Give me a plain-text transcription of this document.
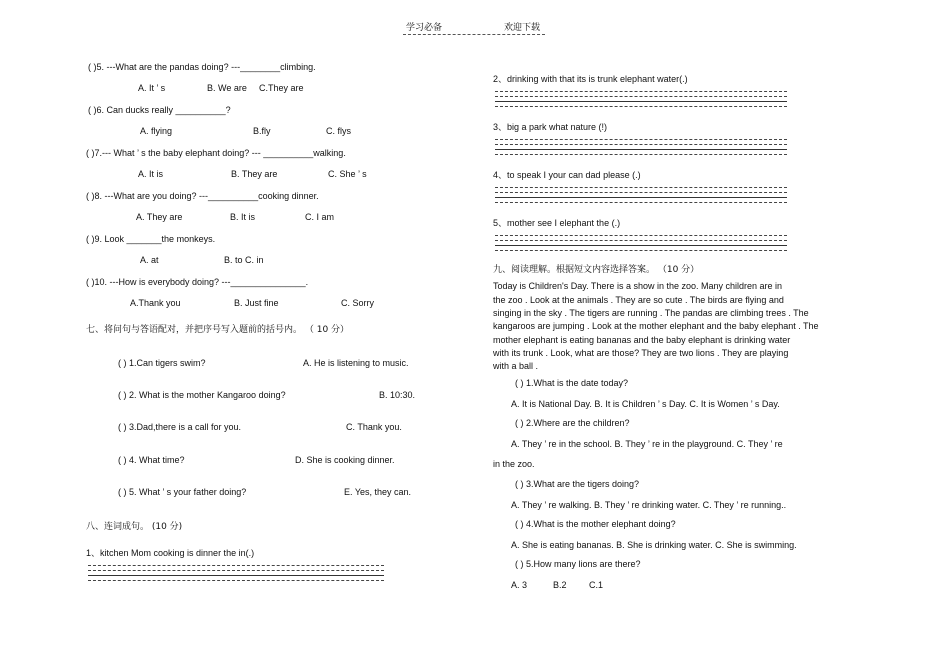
学习必备	欢迎下载
( )5. ---What are the pandas doing? ---________climbing.
A. It ’ s	B. We are C.They are
( )6. Can ducks really __________?
A. flying	B.fly	C. flys
( )7.--- What ’ s the baby elephant doing? --- __________walking.
A. It is	B. They are	C. She ’ s
( )8. ---What are you doing? ---__________cooking dinner.
A. They are	B. It is	C. I am
( )9. Look _______the monkeys.
A. at	B. to C. in
( )10. ---How is everybody doing? ---_______________.
A.Thank you	B. Just fine	C. Sorry
七、将问句与答语配对，并把序号写入题前的括号内。 （ 10 分）
( ) 1.Can tigers swim?	A. He is listening to music.
( ) 2. What is the mother Kangaroo doing?	B. 10:30.
( ) 3.Dad,there is a call for you.	C. Thank you.
( ) 4. What time?	D. She is cooking dinner.
( ) 5. What ’ s your father doing?	E. Yes, they can.
八、连词成句。 (10 分)
1、kitchen Mom cooking is dinner the in(.)
2、drinking with that its is trunk elephant water(.)
3、big a park what nature (!)
4、to speak I your can dad please (.)
5、mother see I elephant the (.)
九、阅读理解。根据短文内容选择答案。 （10 分）
Today is Children's Day. There is a show in the zoo. Many children are in
the zoo . Look at the animals . They are so cute . The birds are flying and
singing in the sky . The tigers are running . The pandas are climbing trees . The
kangaroos are jumping . Look at the mother elephant and the baby elephant . The
mother elephant is eating bananas and the baby elephant is drinking water
with its trunk . Look, what are those? They are two lions . They are playing
with a ball .
( ) 1.What is the date today?
A. It is National Day. B. It is Children ’ s Day. C. It is Women ’ s Day.
( ) 2.Where are the children?
A. They ’ re in the school. B. They ’ re in the playground. C. They ’ re
in the zoo.
( ) 3.What are the tigers doing?
A. They ’ re walking. B. They ’ re drinking water. C. They ’ re running..
( ) 4.What is the mother elephant doing?
A. She is eating bananas. B. She is drinking water. C. She is swimming.
( ) 5.How many lions are there?
A. 3	B.2 C.1
